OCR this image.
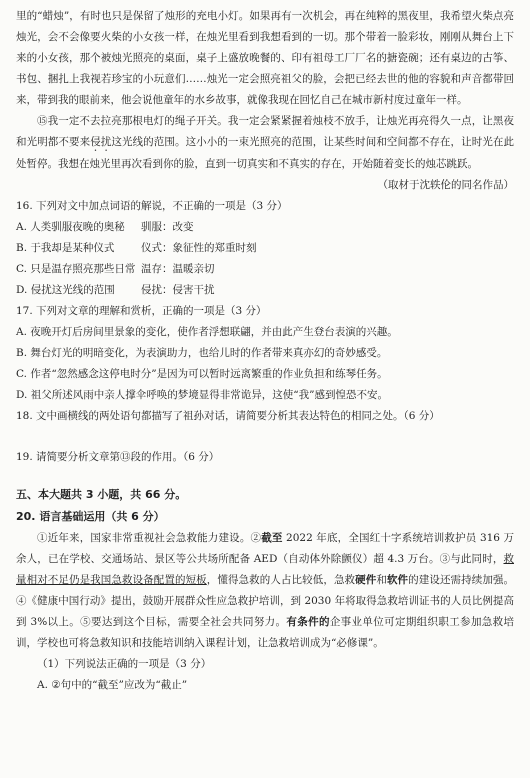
里的“蜡烛”，有时也只是保留了烛形的充电小灯。如果再有一次机会，再在纯粹的黑夜里，我希望火柴点亮烛光，会不会像要火柴的小女孩一样，在烛光里看到我想看到的一切。那个带着一脸彩妆，刚刚从舞台上下来的小女孩，那个被烛光照亮的桌面，桌子上盛放晚餐的、印有祖母工厂厂名的搪瓷碗；还有桌边的古筝、书包、捆扎上我视若珍宝的小玩意们……烛光一定会照亮祖父的脸，会把已经去世的他的容貌和声音都带回来，带到我的眼前来，他会说他童年的水乡故事，就像我现在回忆自己在城市新村度过童年一样。

⑮我一定不去拉亮那根电灯的绳子开关。我一定会紧紧握着烛枝不放手，让烛光再亮得久一点，让黑夜和光明都不要来侵扰这光线的范围。这小小的一束光照亮的范围，让某些时间和空间都不存在，让时光在此处暂停。我想在烛光里再次看到你的脸，直到一切真实和不真实的存在，开始随着变长的烛芯跳跃。

（取材于沈轶伦的同名作品）

16. 下列对文中加点词语的解说，不正确的一项是（3 分）

A. 人类驯服夜晚的奥秘 驯服：改变

B. 于我却是某种仪式	仪式：象征性的郑重时刻

C. 只是温存照亮那些日常 温存：温暖亲切

D. 侵扰这光线的范围	侵扰：侵害干扰

17. 下列对文章的理解和赏析，正确的一项是（3 分）

A. 夜晚开灯后房间里景象的变化，使作者浮想联翩，并由此产生登台表演的兴趣。

B. 舞台灯光的明暗变化，为表演助力，也给儿时的作者带来真亦幻的奇妙感受。

C. 作者“忽然感念这停电时分”是因为可以暂时远离繁重的作业负担和练琴任务。

D. 祖父所述风雨中亲人撑伞呼唤的梦境显得非常诡异，这使“我”感到惶恐不安。

18. 文中画横线的两处语句都描写了祖孙对话，请简要分析其表达特色的相同之处。（6 分）

19. 请简要分析文章第⑬段的作用。（6 分）

五、本大题共 3 小题，共 66 分。

20. 语言基础运用（共 6 分）

①近年来，国家非常重视社会急救能力建设。②截至 2022 年底，全国红十字系统培训救护员 316 万余人，已在学校、交通场站、景区等公共场所配备 AED（自动体外除颤仪）超 4.3 万台。③与此同时，救量相对不足仍是我国急救设备配置的短板，懂得急救的人占比较低，急救硬件和软件的建设还需持续加强。④《健康中国行动》提出，鼓励开展群众性应急救护培训，到 2030 年将取得急救培训证书的人员比例提高到 3%以上。⑤要达到这个目标，需要全社会共同努力。有条件的企事业单位可定期组织职工参加急救培训，学校也可将急救知识和技能培训纳入课程计划，让急救培训成为“必修课”。

（1）下列说法正确的一项是（3 分）

A. ②句中的“截至”应改为“截止”
